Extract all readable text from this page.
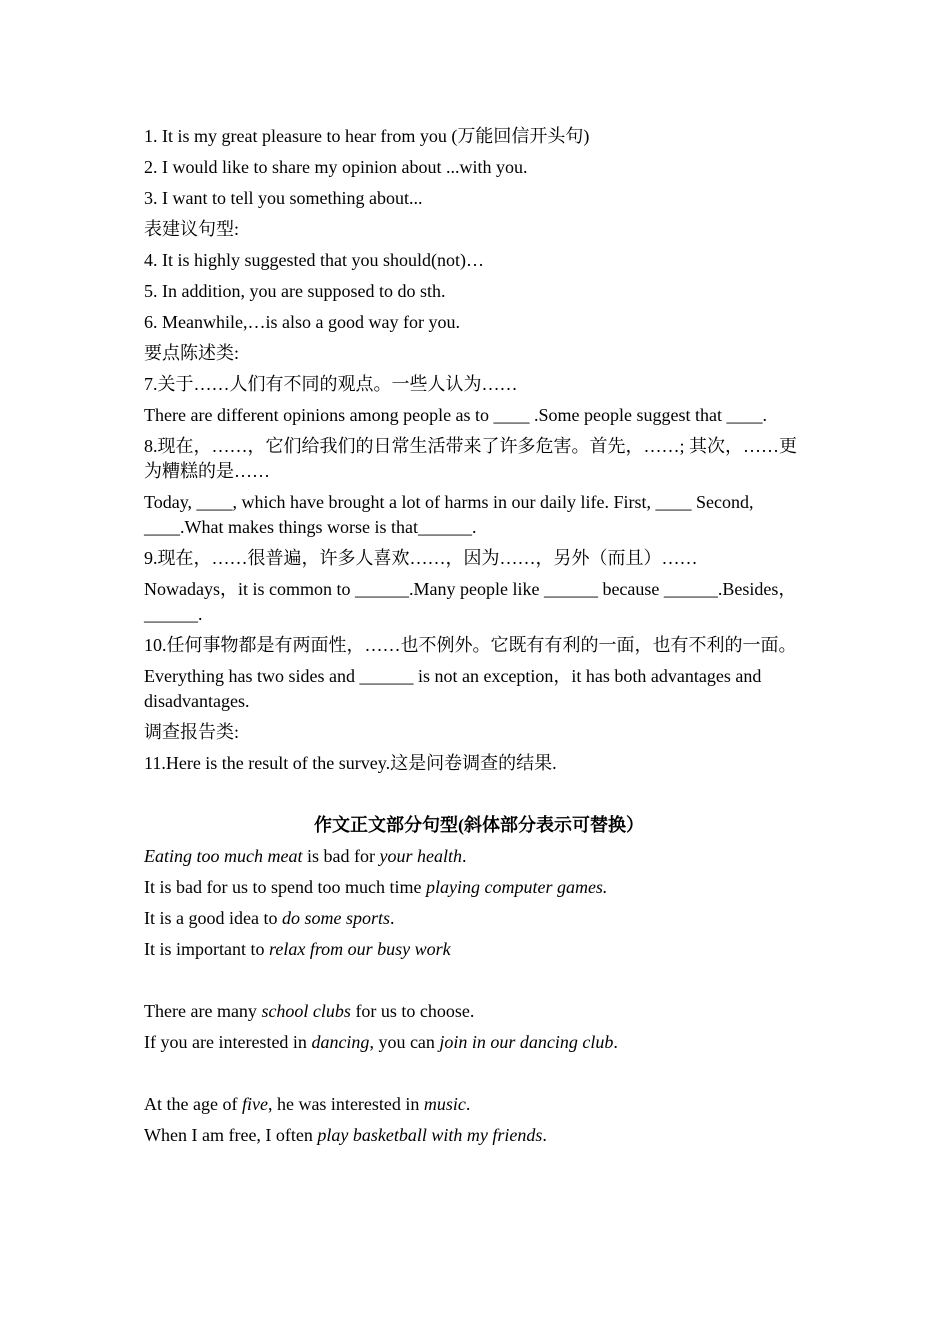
1. It is my great pleasure to hear from you (万能回信开头句)
2. I would like to share my opinion about ...with you.
3. I want to tell you something about...
表建议句型:
4. It is highly suggested that you should(not)…
5. In addition, you are supposed to do sth.
6. Meanwhile,…is also a good way for you.
要点陈述类:
7.关于……人们有不同的观点。一些人认为……
There are different opinions among people as to ____ .Some people suggest that ____.
8.现在，……，它们给我们的日常生活带来了许多危害。首先，……; 其次，……更为糟糕的是……
Today, ____, which have brought a lot of harms in our daily life. First, ____ Second, ____.What makes things worse is that______.
9.现在，……很普遍，许多人喜欢……，因为……，另外（而且）……
Nowadays，it is common to ______.Many people like ______ because ______.Besides，______.
10.任何事物都是有两面性，……也不例外。它既有有利的一面，也有不利的一面。
Everything has two sides and ______ is not an exception，it has both advantages and disadvantages.
调查报告类:
11.Here is the result of the survey.这是问卷调查的结果.
作文正文部分句型(斜体部分表示可替换）
Eating too much meat is bad for your health.
It is bad for us to spend too much time playing computer games.
It is a good idea to do some sports.
It is important to relax from our busy work
There are many school clubs for us to choose.
If you are interested in dancing, you can join in our dancing club.
At the age of five, he was interested in music.
When I am free, I often play basketball with my friends.
